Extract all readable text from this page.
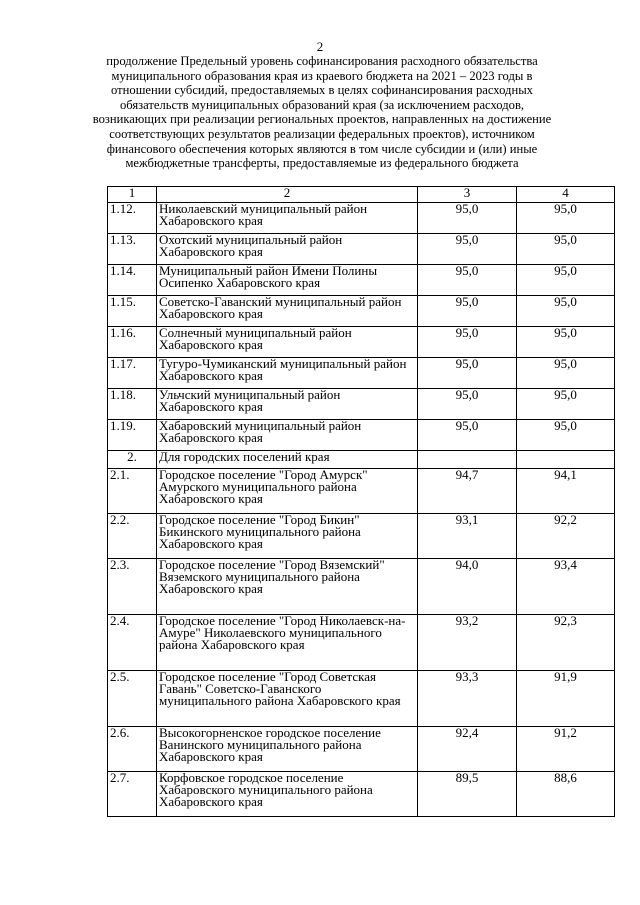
2
продолжение Предельный уровень софинансирования расходного обязательства муниципального образования края из краевого бюджета на 2021 – 2023 годы в отношении субсидий, предоставляемых в целях софинансирования расходных обязательств муниципальных образований края (за исключением расходов, возникающих при реализации региональных проектов, направленных на достижение соответствующих результатов реализации федеральных проектов), источником финансового обеспечения которых являются в том числе субсидии и (или) иные межбюджетные трансферты, предоставляемые из федерального бюджета
1	2	3	4
1.12.	Николаевский муниципальный район Хабаровского края	95,0	95,0
1.13.	Охотский муниципальный район Хабаровского края	95,0	95,0
1.14.	Муниципальный район Имени Полины Осипенко Хабаровского края	95,0	95,0
1.15.	Советско-Гаванский муниципальный район Хабаровского края	95,0	95,0
1.16.	Солнечный муниципальный район Хабаровского края	95,0	95,0
1.17.	Тугуро-Чумиканский муниципальный район Хабаровского края	95,0	95,0
1.18.	Ульчский муниципальный район Хабаровского края	95,0	95,0
1.19.	Хабаровский муниципальный район Хабаровского края	95,0	95,0
2.	Для городских поселений края		
2.1.	Городское поселение "Город Амурск" Амурского муниципального района Хабаровского края	94,7	94,1
2.2.	Городское поселение "Город Бикин" Бикинского муниципального района Хабаровского края	93,1	92,2
2.3.	Городское поселение "Город Вяземский" Вяземского муниципального района Хабаровского края	94,0	93,4
2.4.	Городское поселение "Город Николаевск-на-Амуре" Николаевского муниципального района Хабаровского края	93,2	92,3
2.5.	Городское поселение "Город Советская Гавань" Советско-Гаванского муниципального района Хабаровского края	93,3	91,9
2.6.	Высокогорненское городское поселение Ванинского муниципального района Хабаровского края	92,4	91,2
2.7.	Корфовское городское поселение Хабаровского муниципального района Хабаровского края	89,5	88,6
